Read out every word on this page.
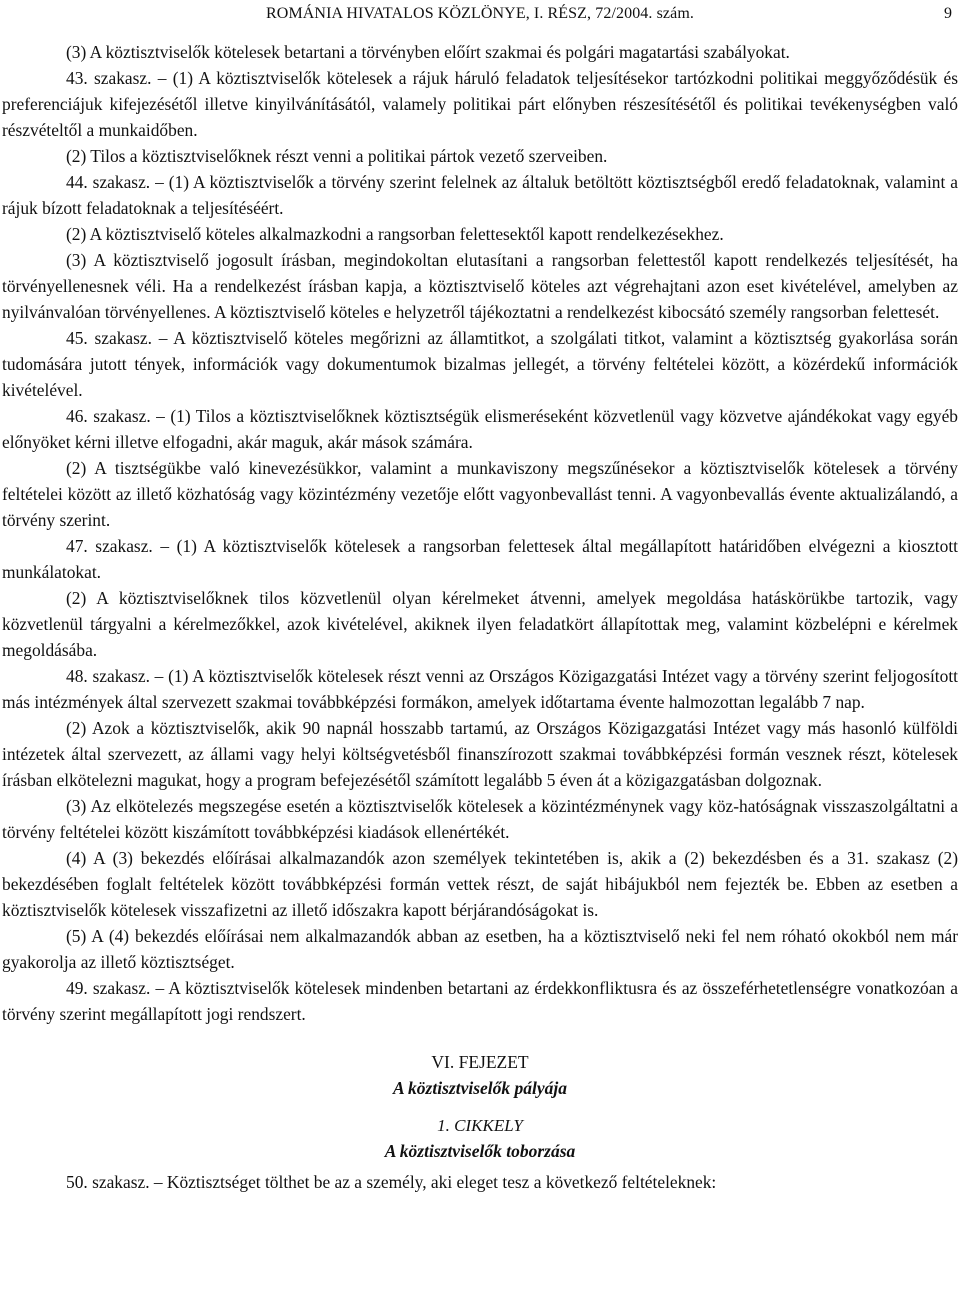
ROMÁNIA HIVATALOS KÖZLÖNYE, I. RÉSZ, 72/2004. szám.	9

(3) A köztisztviselők kötelesek betartani a törvényben előírt szakmai és polgári magatartási szabályokat.

43. szakasz. – (1) A köztisztviselők kötelesek a rájuk háruló feladatok teljesítésekor tartózkodni politikai meggyőződésük és preferenciájuk kifejezésétől illetve kinyilvánításától, valamely politikai párt előnyben részesítésétől és politikai tevékenységben való részvételtől a munkaidőben.

(2) Tilos a köztisztviselőknek részt venni a politikai pártok vezető szerveiben.

44. szakasz. – (1) A köztisztviselők a törvény szerint felelnek az általuk betöltött köztisztségből eredő feladatoknak, valamint a rájuk bízott feladatoknak a teljesítéséért.

(2) A köztisztviselő köteles alkalmazkodni a rangsorban felettesektől kapott rendelkezésekhez.

(3) A köztisztviselő jogosult írásban, megindokoltan elutasítani a rangsorban felettestől kapott rendelkezés teljesítését, ha törvényellenesnek véli. Ha a rendelkezést írásban kapja, a köztisztviselő köteles azt végrehajtani azon eset kivételével, amelyben az nyilvánvalóan törvényellenes. A köztisztviselő köteles e helyzetről tájékoztatni a rendelkezést kibocsátó személy rangsorban felettesét.

45. szakasz. – A köztisztviselő köteles megőrizni az államtitkot, a szolgálati titkot, valamint a köztisztség gyakorlása során tudomására jutott tények, információk vagy dokumentumok bizalmas jellegét, a törvény feltételei között, a közérdekű információk kivételével.

46. szakasz. – (1) Tilos a köztisztviselőknek köztisztségük elismeréseként közvetlenül vagy közvetve ajándékokat vagy egyéb előnyöket kérni illetve elfogadni, akár maguk, akár mások számára.

(2) A tisztségükbe való kinevezésükkor, valamint a munkaviszony megszűnésekor a köztisztviselők kötelesek a törvény feltételei között az illető közhatóság vagy közintézmény vezetője előtt vagyonbevallást tenni. A vagyonbevallás évente aktualizálandó, a törvény szerint.

47. szakasz. – (1) A köztisztviselők kötelesek a rangsorban felettesek által megállapított határidőben elvégezni a kiosztott munkálatokat.

(2) A köztisztviselőknek tilos közvetlenül olyan kérelmeket átvenni, amelyek megoldása hatáskörükbe tartozik, vagy közvetlenül tárgyalni a kérelmezőkkel, azok kivételével, akiknek ilyen feladatkört állapítottak meg, valamint közbelépni e kérelmek megoldásába.

48. szakasz. – (1) A köztisztviselők kötelesek részt venni az Országos Közigazgatási Intézet vagy a törvény szerint feljogosított más intézmények által szervezett szakmai továbbképzési formákon, amelyek időtartama évente halmozottan legalább 7 nap.

(2) Azok a köztisztviselők, akik 90 napnál hosszabb tartamú, az Országos Közigazgatási Intézet vagy más hasonló külföldi intézetek által szervezett, az állami vagy helyi költségvetésből finanszírozott szakmai továbbképzési formán vesznek részt, kötelesek írásban elkötelezni magukat, hogy a program befejezésétől számított legalább 5 éven át a közigazgatásban dolgoznak.

(3) Az elkötelezés megszegése esetén a köztisztviselők kötelesek a közintézménynek vagy köz-hatóságnak visszaszolgáltatni a törvény feltételei között kiszámított továbbképzési kiadások ellenértékét.

(4) A (3) bekezdés előírásai alkalmazandók azon személyek tekintetében is, akik a (2) bekezdésben és a 31. szakasz (2) bekezdésében foglalt feltételek között továbbképzési formán vettek részt, de saját hibájukból nem fejezték be. Ebben az esetben a köztisztviselők kötelesek visszafizetni az illető időszakra kapott bérjárandóságokat is.

(5) A (4) bekezdés előírásai nem alkalmazandók abban az esetben, ha a köztisztviselő neki fel nem róható okokból nem már gyakorolja az illető köztisztséget.

49. szakasz. – A köztisztviselők kötelesek mindenben betartani az érdekkonfliktusra és az összeférhetetlenségre vonatkozóan a törvény szerint megállapított jogi rendszert.

VI. FEJEZET
A köztisztviselők pályája
1. CIKKELY
A köztisztviselők toborzása

50. szakasz. – Köztisztséget tölthet be az a személy, aki eleget tesz a következő feltételeknek:
